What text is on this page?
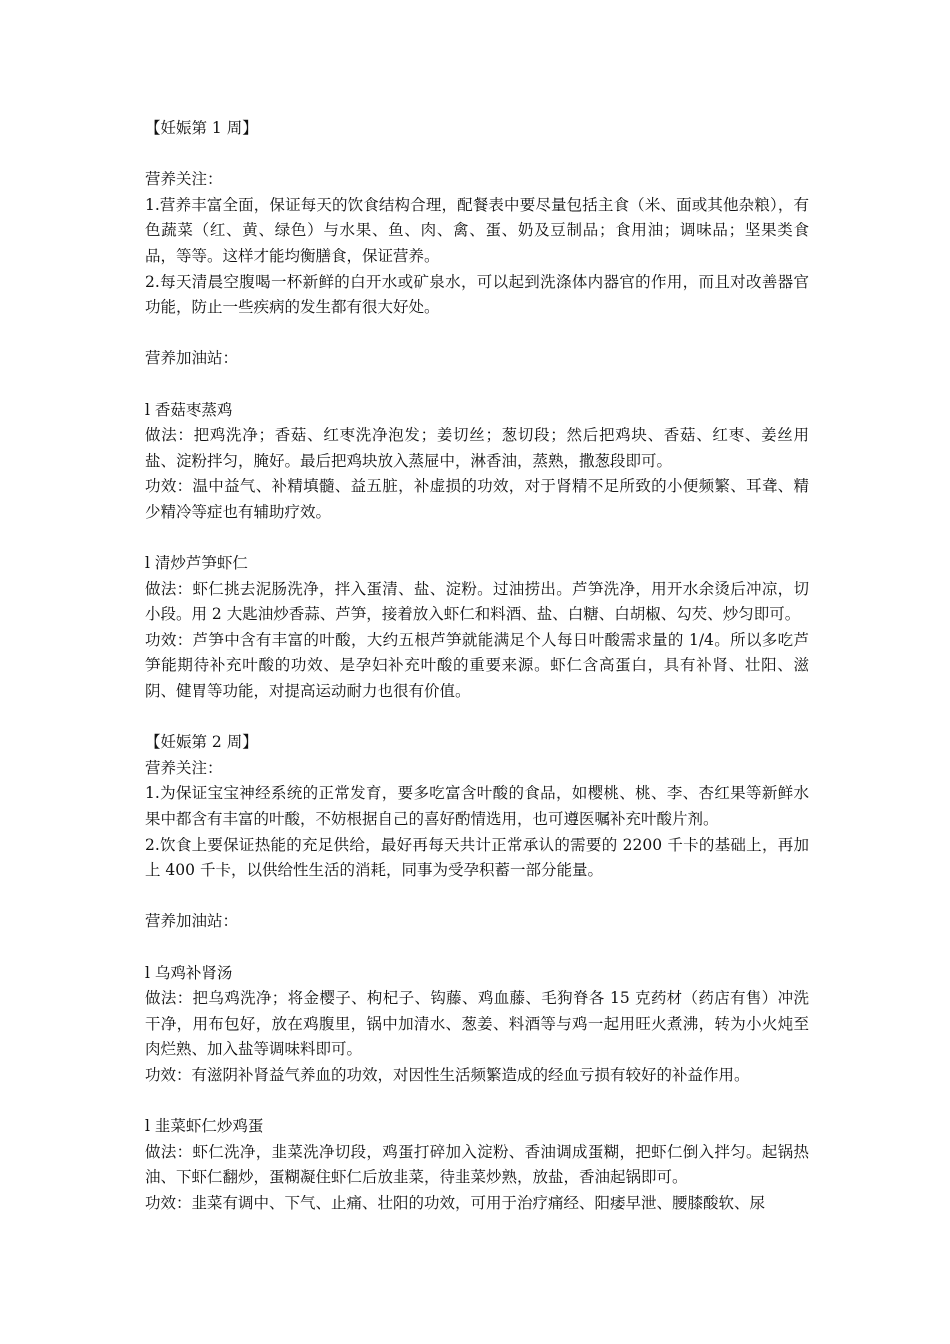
【妊娠第 1 周】
营养关注：
1.营养丰富全面，保证每天的饮食结构合理，配餐表中要尽量包括主食（米、面或其他杂粮），有色蔬菜（红、黄、绿色）与水果、鱼、肉、禽、蛋、奶及豆制品；食用油；调味品；坚果类食品，等等。这样才能均衡膳食，保证营养。
2.每天清晨空腹喝一杯新鲜的白开水或矿泉水，可以起到洗涤体内器官的作用，而且对改善器官功能，防止一些疾病的发生都有很大好处。
营养加油站：
l 香菇枣蒸鸡
做法：把鸡洗净；香菇、红枣洗净泡发；姜切丝；葱切段；然后把鸡块、香菇、红枣、姜丝用盐、淀粉拌匀，腌好。最后把鸡块放入蒸屉中，淋香油，蒸熟，撒葱段即可。
功效：温中益气、补精填髓、益五脏，补虚损的功效，对于肾精不足所致的小便频繁、耳聋、精少精冷等症也有辅助疗效。
l 清炒芦笋虾仁
做法：虾仁挑去泥肠洗净，拌入蛋清、盐、淀粉。过油捞出。芦笋洗净，用开水余烫后冲凉，切小段。用 2 大匙油炒香蒜、芦笋，接着放入虾仁和料酒、盐、白糖、白胡椒、勾芡、炒匀即可。
功效：芦笋中含有丰富的叶酸，大约五根芦笋就能满足个人每日叶酸需求量的 1/4。所以多吃芦笋能期待补充叶酸的功效、是孕妇补充叶酸的重要来源。虾仁含高蛋白，具有补肾、壮阳、滋阴、健胃等功能，对提高运动耐力也很有价值。
【妊娠第 2 周】
营养关注：
1.为保证宝宝神经系统的正常发育，要多吃富含叶酸的食品，如樱桃、桃、李、杏红果等新鲜水果中都含有丰富的叶酸，不妨根据自己的喜好酌情选用，也可遵医嘱补充叶酸片剂。
2.饮食上要保证热能的充足供给，最好再每天共计正常承认的需要的 2200 千卡的基础上，再加上 400 千卡，以供给性生活的消耗，同事为受孕积蓄一部分能量。
营养加油站：
l 乌鸡补肾汤
做法：把乌鸡洗净；将金樱子、枸杞子、钩藤、鸡血藤、毛狗脊各 15 克药材（药店有售）冲洗干净，用布包好，放在鸡腹里，锅中加清水、葱姜、料酒等与鸡一起用旺火煮沸，转为小火炖至肉烂熟、加入盐等调味料即可。
功效：有滋阴补肾益气养血的功效，对因性生活频繁造成的经血亏损有较好的补益作用。
l 韭菜虾仁炒鸡蛋
做法：虾仁洗净，韭菜洗净切段，鸡蛋打碎加入淀粉、香油调成蛋糊，把虾仁倒入拌匀。起锅热油、下虾仁翻炒，蛋糊凝住虾仁后放韭菜，待韭菜炒熟，放盐，香油起锅即可。
功效：韭菜有调中、下气、止痛、壮阳的功效，可用于治疗痛经、阳痿早泄、腰膝酸软、尿
